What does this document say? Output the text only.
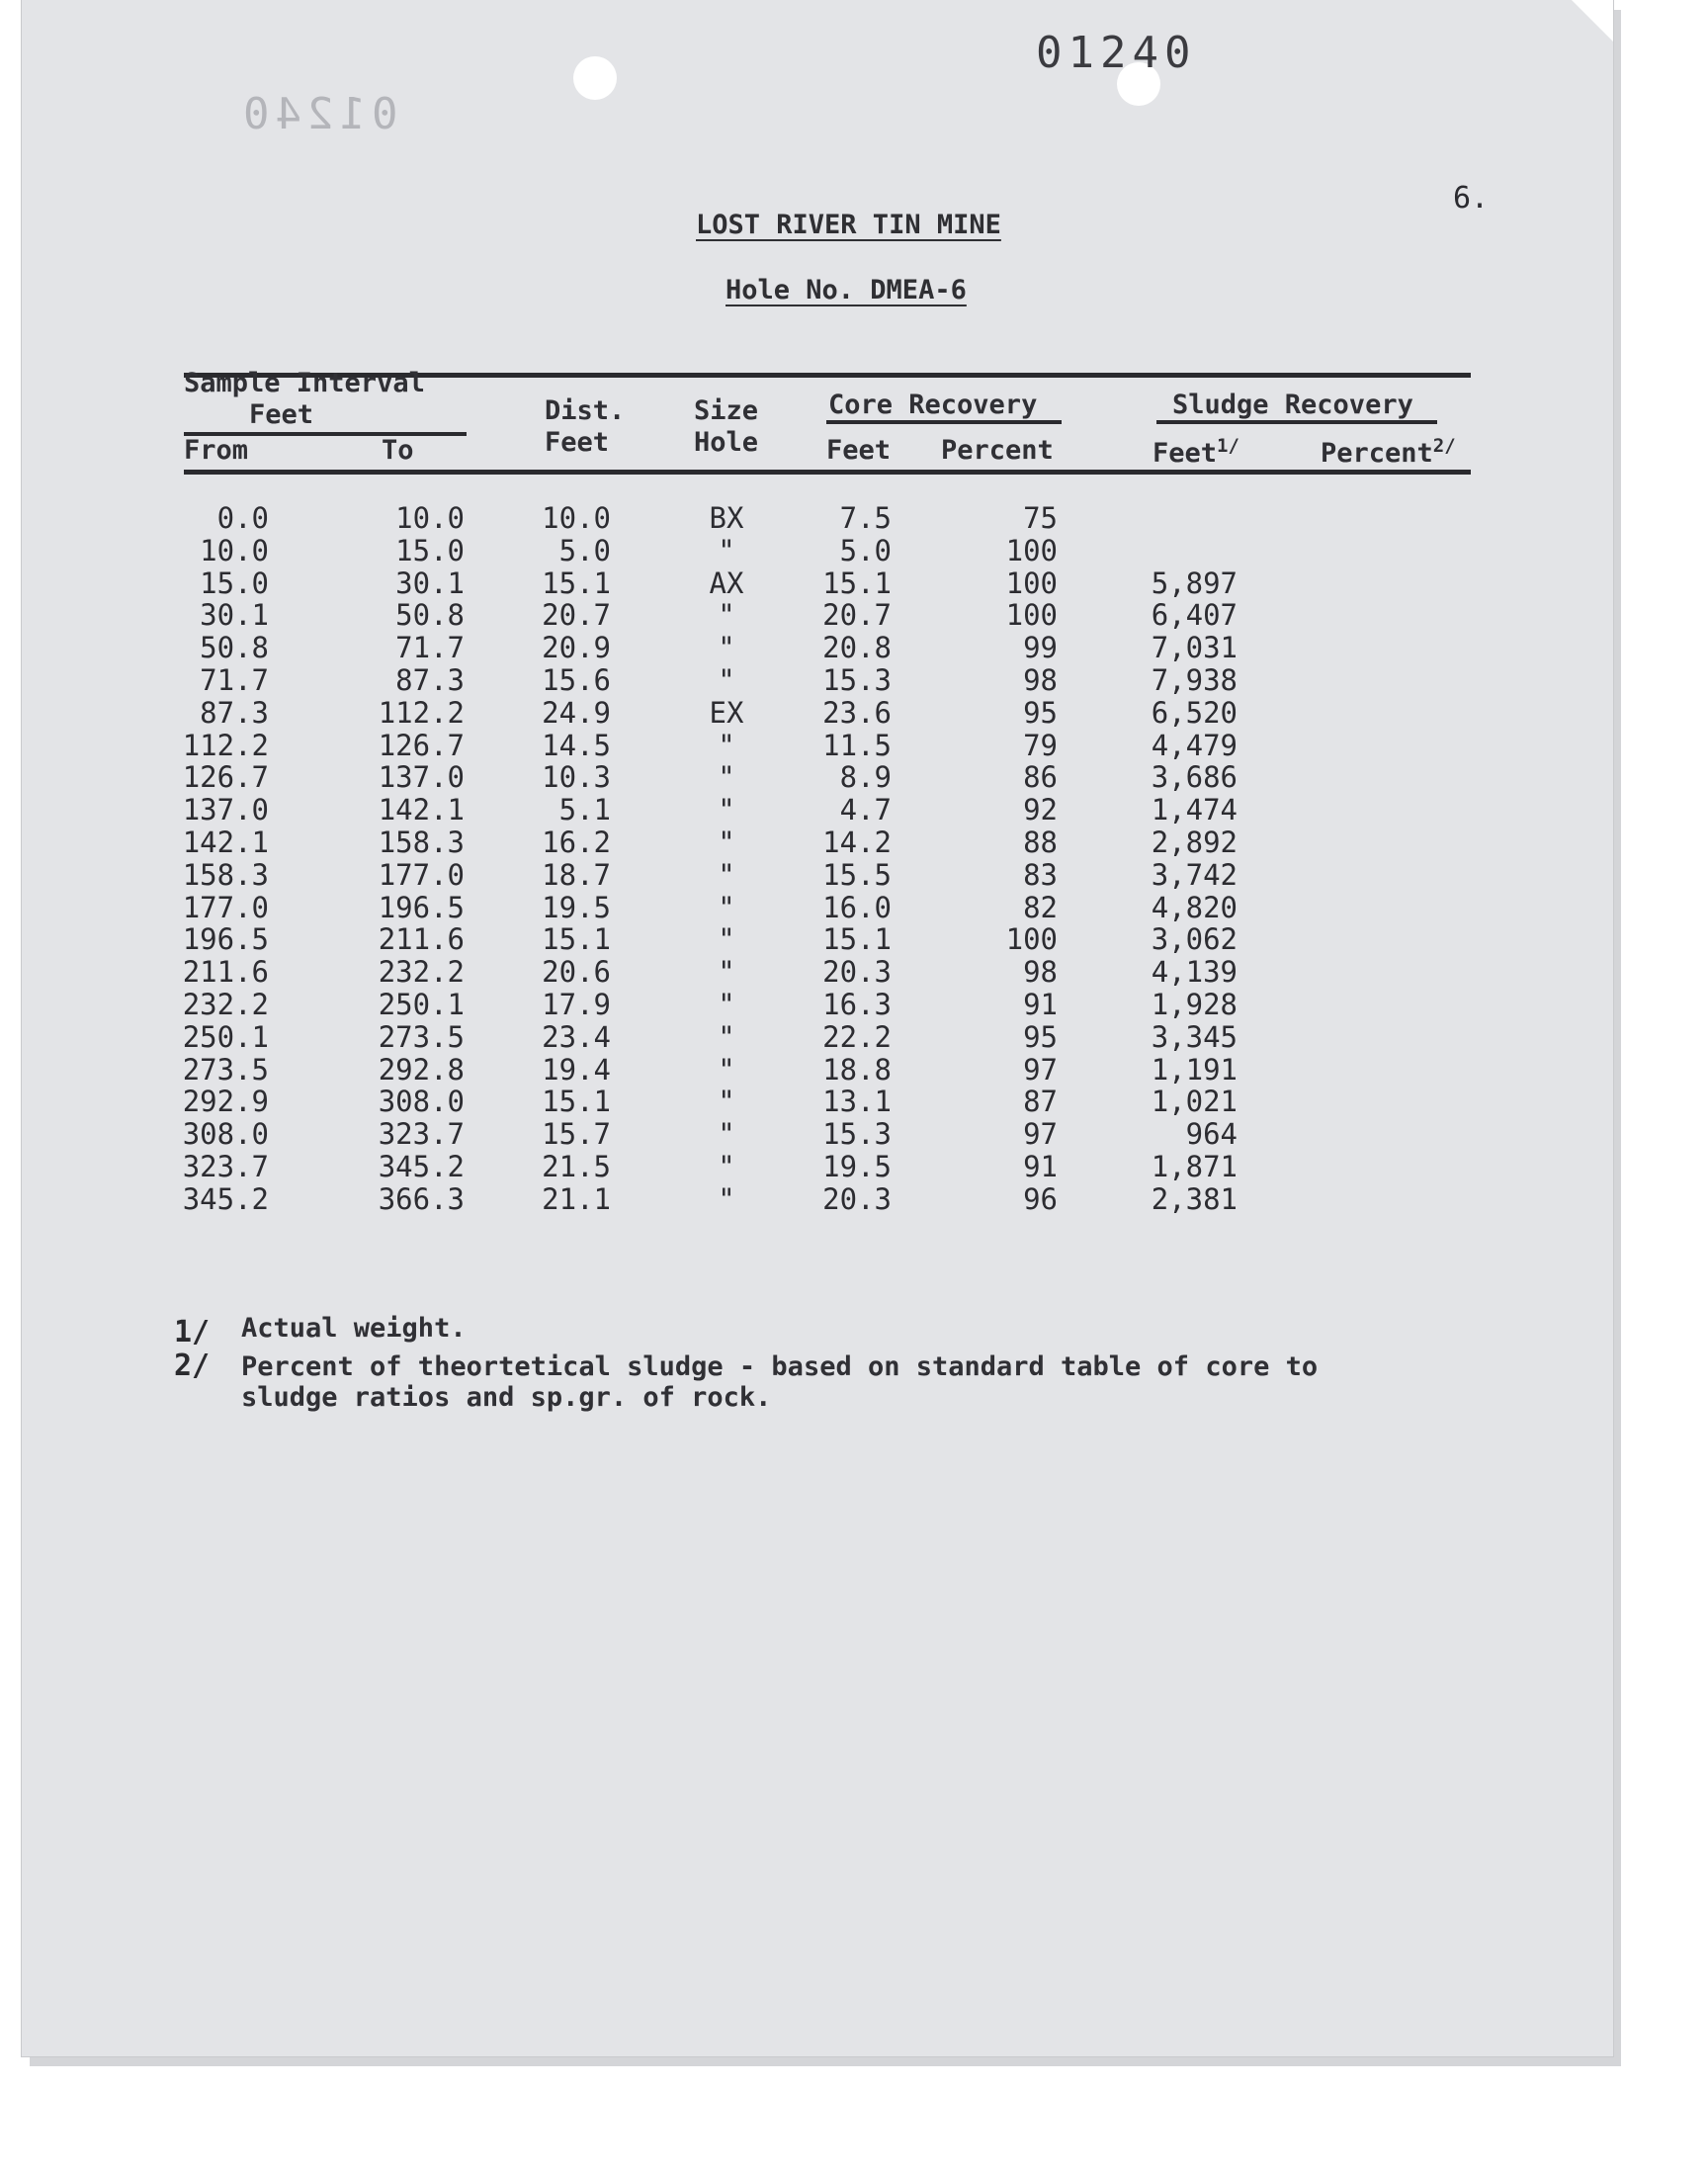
01240
01240
6.
LOST RIVER TIN MINE
Hole No. DMEA-6
Sample Interval
Feet
From	To
Dist.
Feet
Size
Hole
Core Recovery
Feet Percent
Sludge Recovery
Feet$^{1/}$	Percent$^{2/}$
0.0	10.0	10.0	BX	7.5	75
10.0	15.0	5.0	"	5.0	100
15.0	30.1	15.1	AX	15.1	100	5,897
30.1	50.8	20.7	"	20.7	100	6,407
50.8	71.7	20.9	"	20.8	99	7,031
71.7	87.3	15.6	"	15.3	98	7,938
87.3	112.2	24.9	EX	23.6	95	6,520
112.2	126.7	14.5	"	11.5	79	4,479
126.7	137.0	10.3	"	8.9	86	3,686
137.0	142.1	5.1	"	4.7	92	1,474
142.1	158.3	16.2	"	14.2	88	2,892
158.3	177.0	18.7	"	15.5	83	3,742
177.0	196.5	19.5	"	16.0	82	4,820
196.5	211.6	15.1	"	15.1	100	3,062
211.6	232.2	20.6	"	20.3	98	4,139
232.2	250.1	17.9	"	16.3	91	1,928
250.1	273.5	23.4	"	22.2	95	3,345
273.5	292.8	19.4	"	18.8	97	1,191
292.9	308.0	15.1	"	13.1	87	1,021
308.0	323.7	15.7	"	15.3	97	964
323.7	345.2	21.5	"	19.5	91	1,871
345.2	366.3	21.1	"	20.3	96	2,381
1/ Actual weight.
2/ Percent of theortetical sludge - based on standard table of core to
sludge ratios and sp.gr. of rock.
